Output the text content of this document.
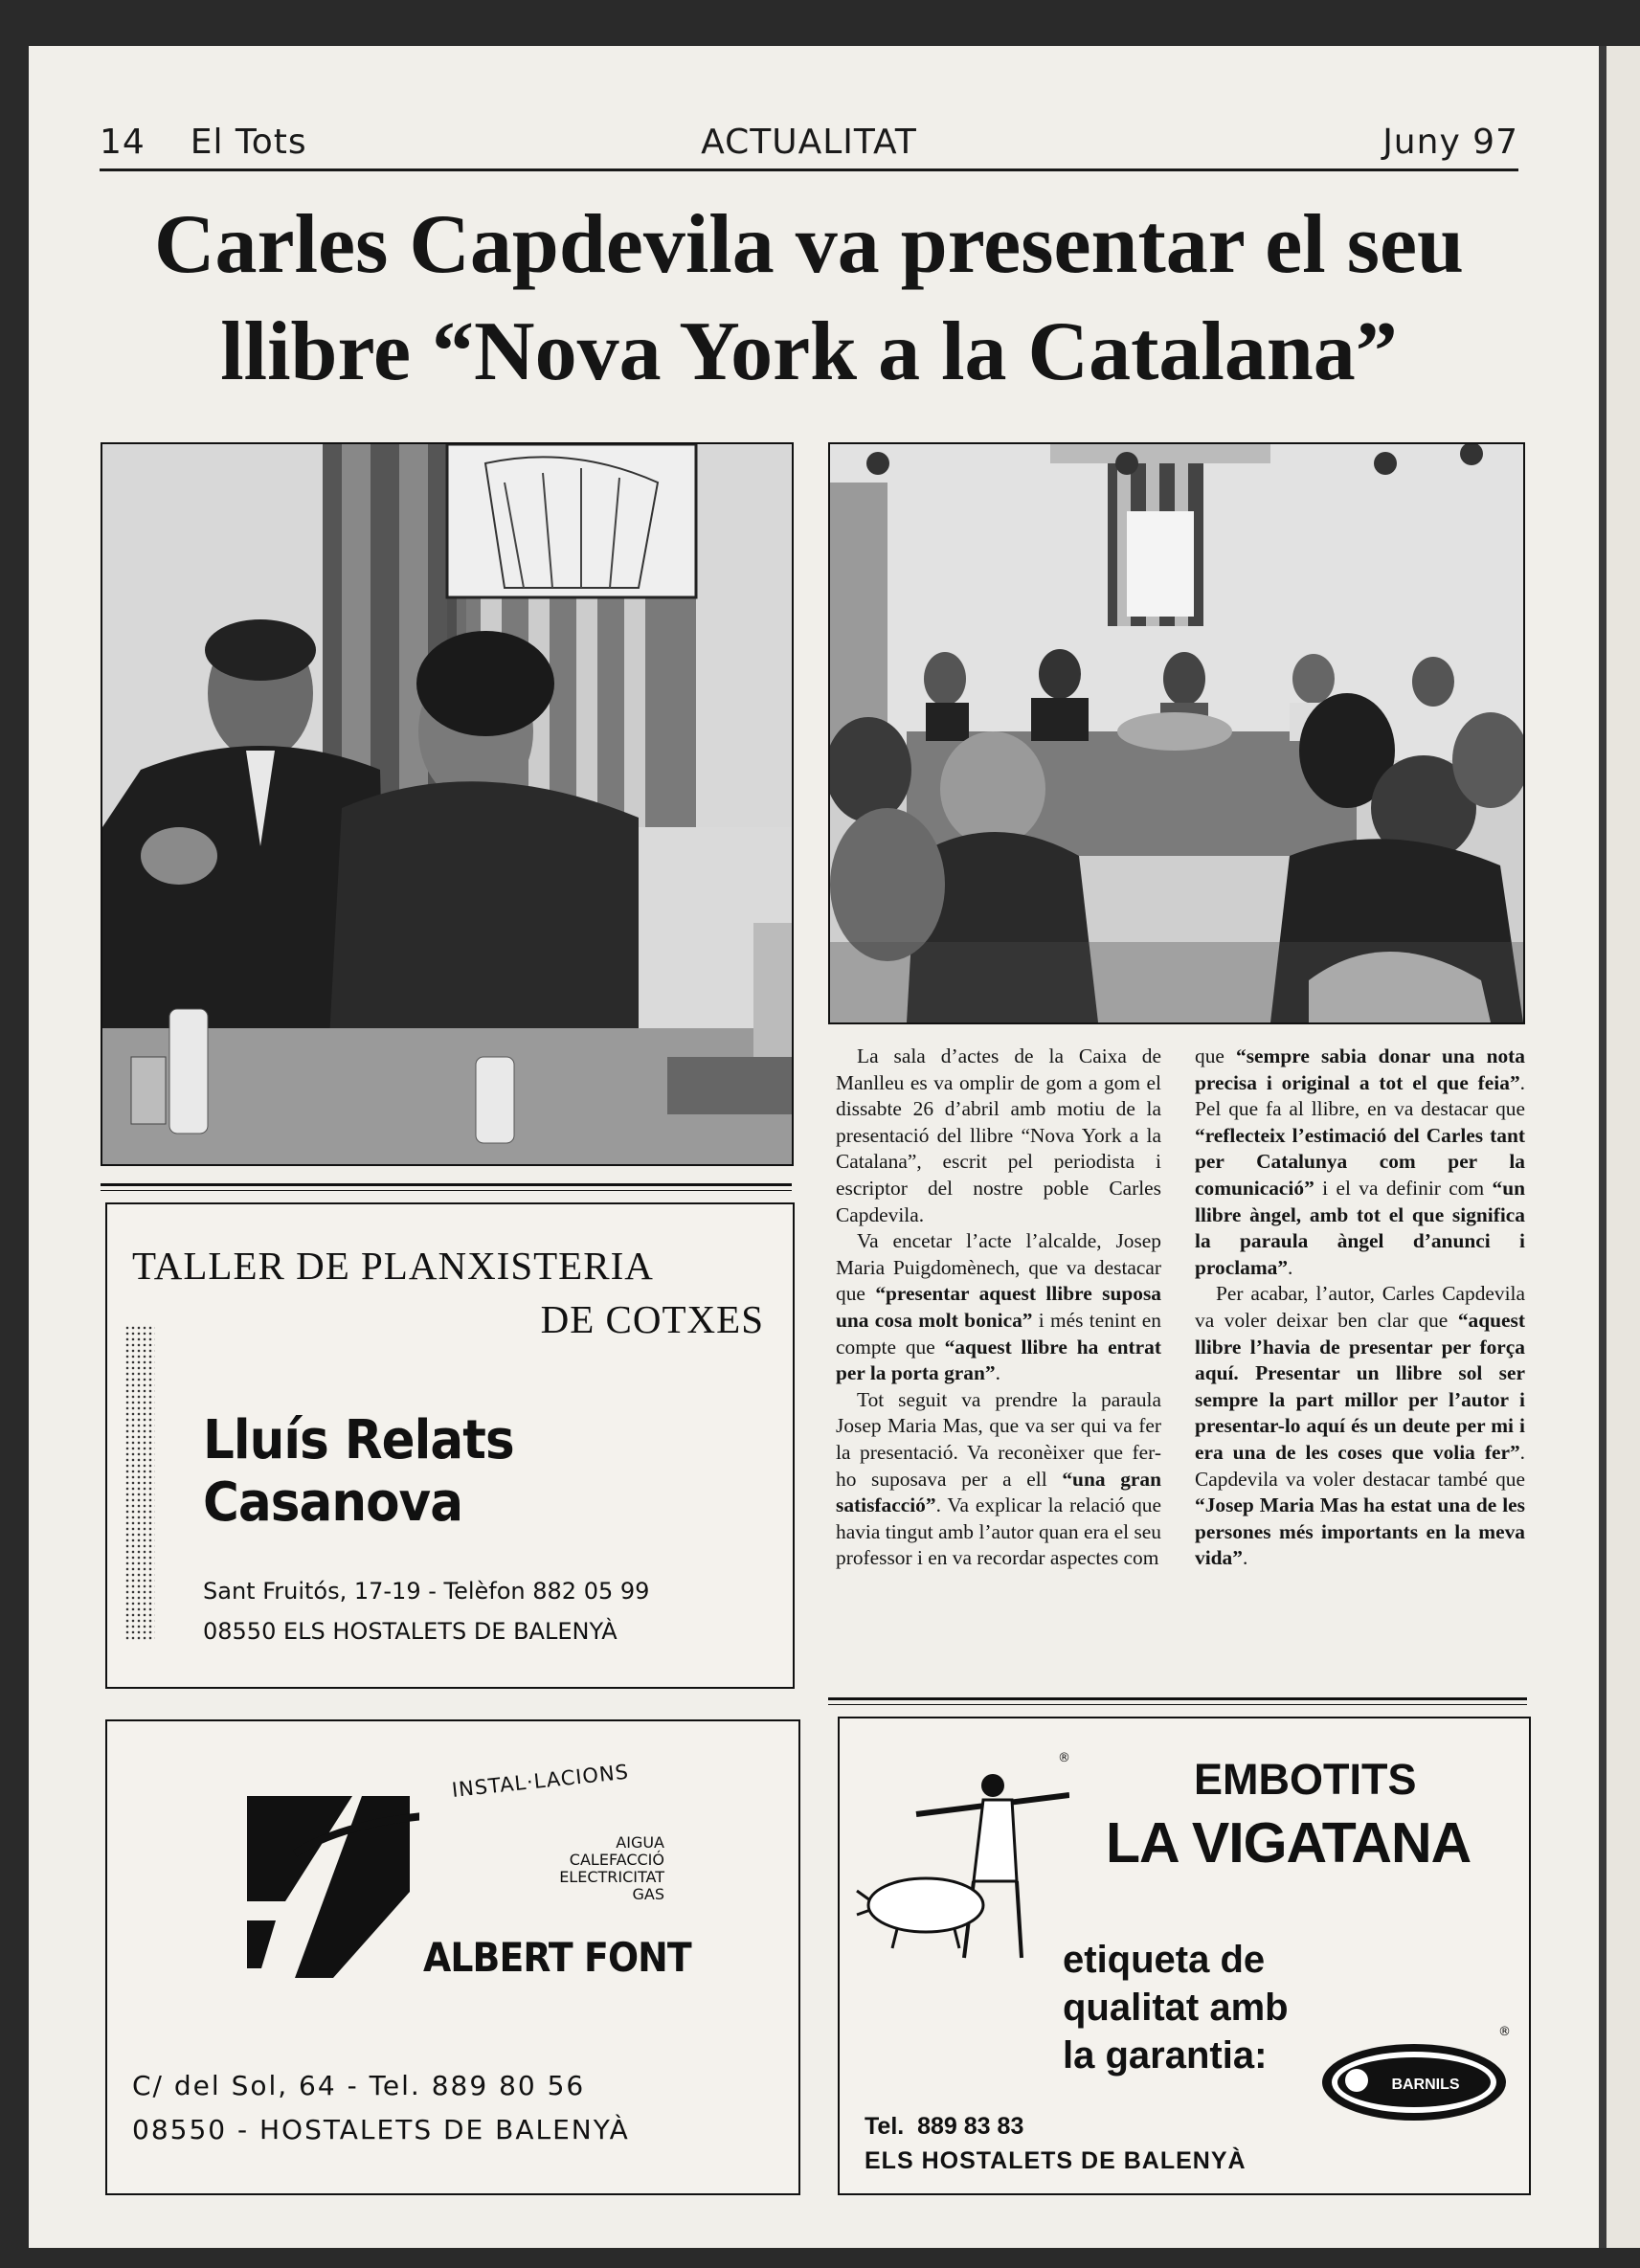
14 El Tots	ACTUALITAT	Juny 97
Carles Capdevila va presentar el seu
llibre “Nova York a la Catalana”

La sala d’actes de la Caixa de Manlleu es va omplir de gom a gom el dissabte 26 d’abril amb motiu de la presentació del llibre “Nova York a la Catalana”, escrit pel periodista i escriptor del nostre poble Carles Capdevila.

Va encetar l’acte l’alcalde, Josep Maria Puigdomènech, que va destacar que “presentar aquest llibre suposa una cosa molt bonica” i més tenint en compte que “aquest llibre ha entrat per la porta gran”.

Tot seguit va prendre la paraula Josep Maria Mas, que va ser qui va fer la presentació. Va reconèixer que fer-ho suposava per a ell “una gran satisfacció”. Va explicar la relació que havia tingut amb l’autor quan era el seu professor i en va recordar aspectes com

que “sempre sabia donar una nota precisa i original a tot el que feia”. Pel que fa al llibre, en va destacar que “reflecteix l’estimació del Carles tant per Catalunya com per la comunicació” i el va definir com “un llibre àngel, amb tot el que significa la paraula àngel d’anunci i proclama”.

Per acabar, l’autor, Carles Capdevila va voler deixar ben clar que “aquest llibre l’havia de presentar per força aquí. Presentar un llibre sol ser sempre la part millor per l’autor i presentar-lo aquí és un deute per mi i era una de les coses que volia fer”. Capdevila va voler destacar també que “Josep Maria Mas ha estat una de les persones més importants en la meva vida”.

TALLER DE PLANXISTERIA
DE COTXES
Lluís Relats Casanova
Sant Fruitós, 17-19 - Telèfon 882 05 99
08550 ELS HOSTALETS DE BALENYÀ
INSTAL·LACIONS
AIGUA
CALEFACCIÓ
ELECTRICITAT
GAS
ALBERT FONT
C/ del Sol, 64 - Tel. 889 80 56
08550 - HOSTALETS DE BALENYÀ
®	EMBOTITS
LA VIGATANA
etiqueta de
qualitat amb
la garantia:
BARNILS
®
Tel. 889 83 83
ELS HOSTALETS DE BALENYÀ
